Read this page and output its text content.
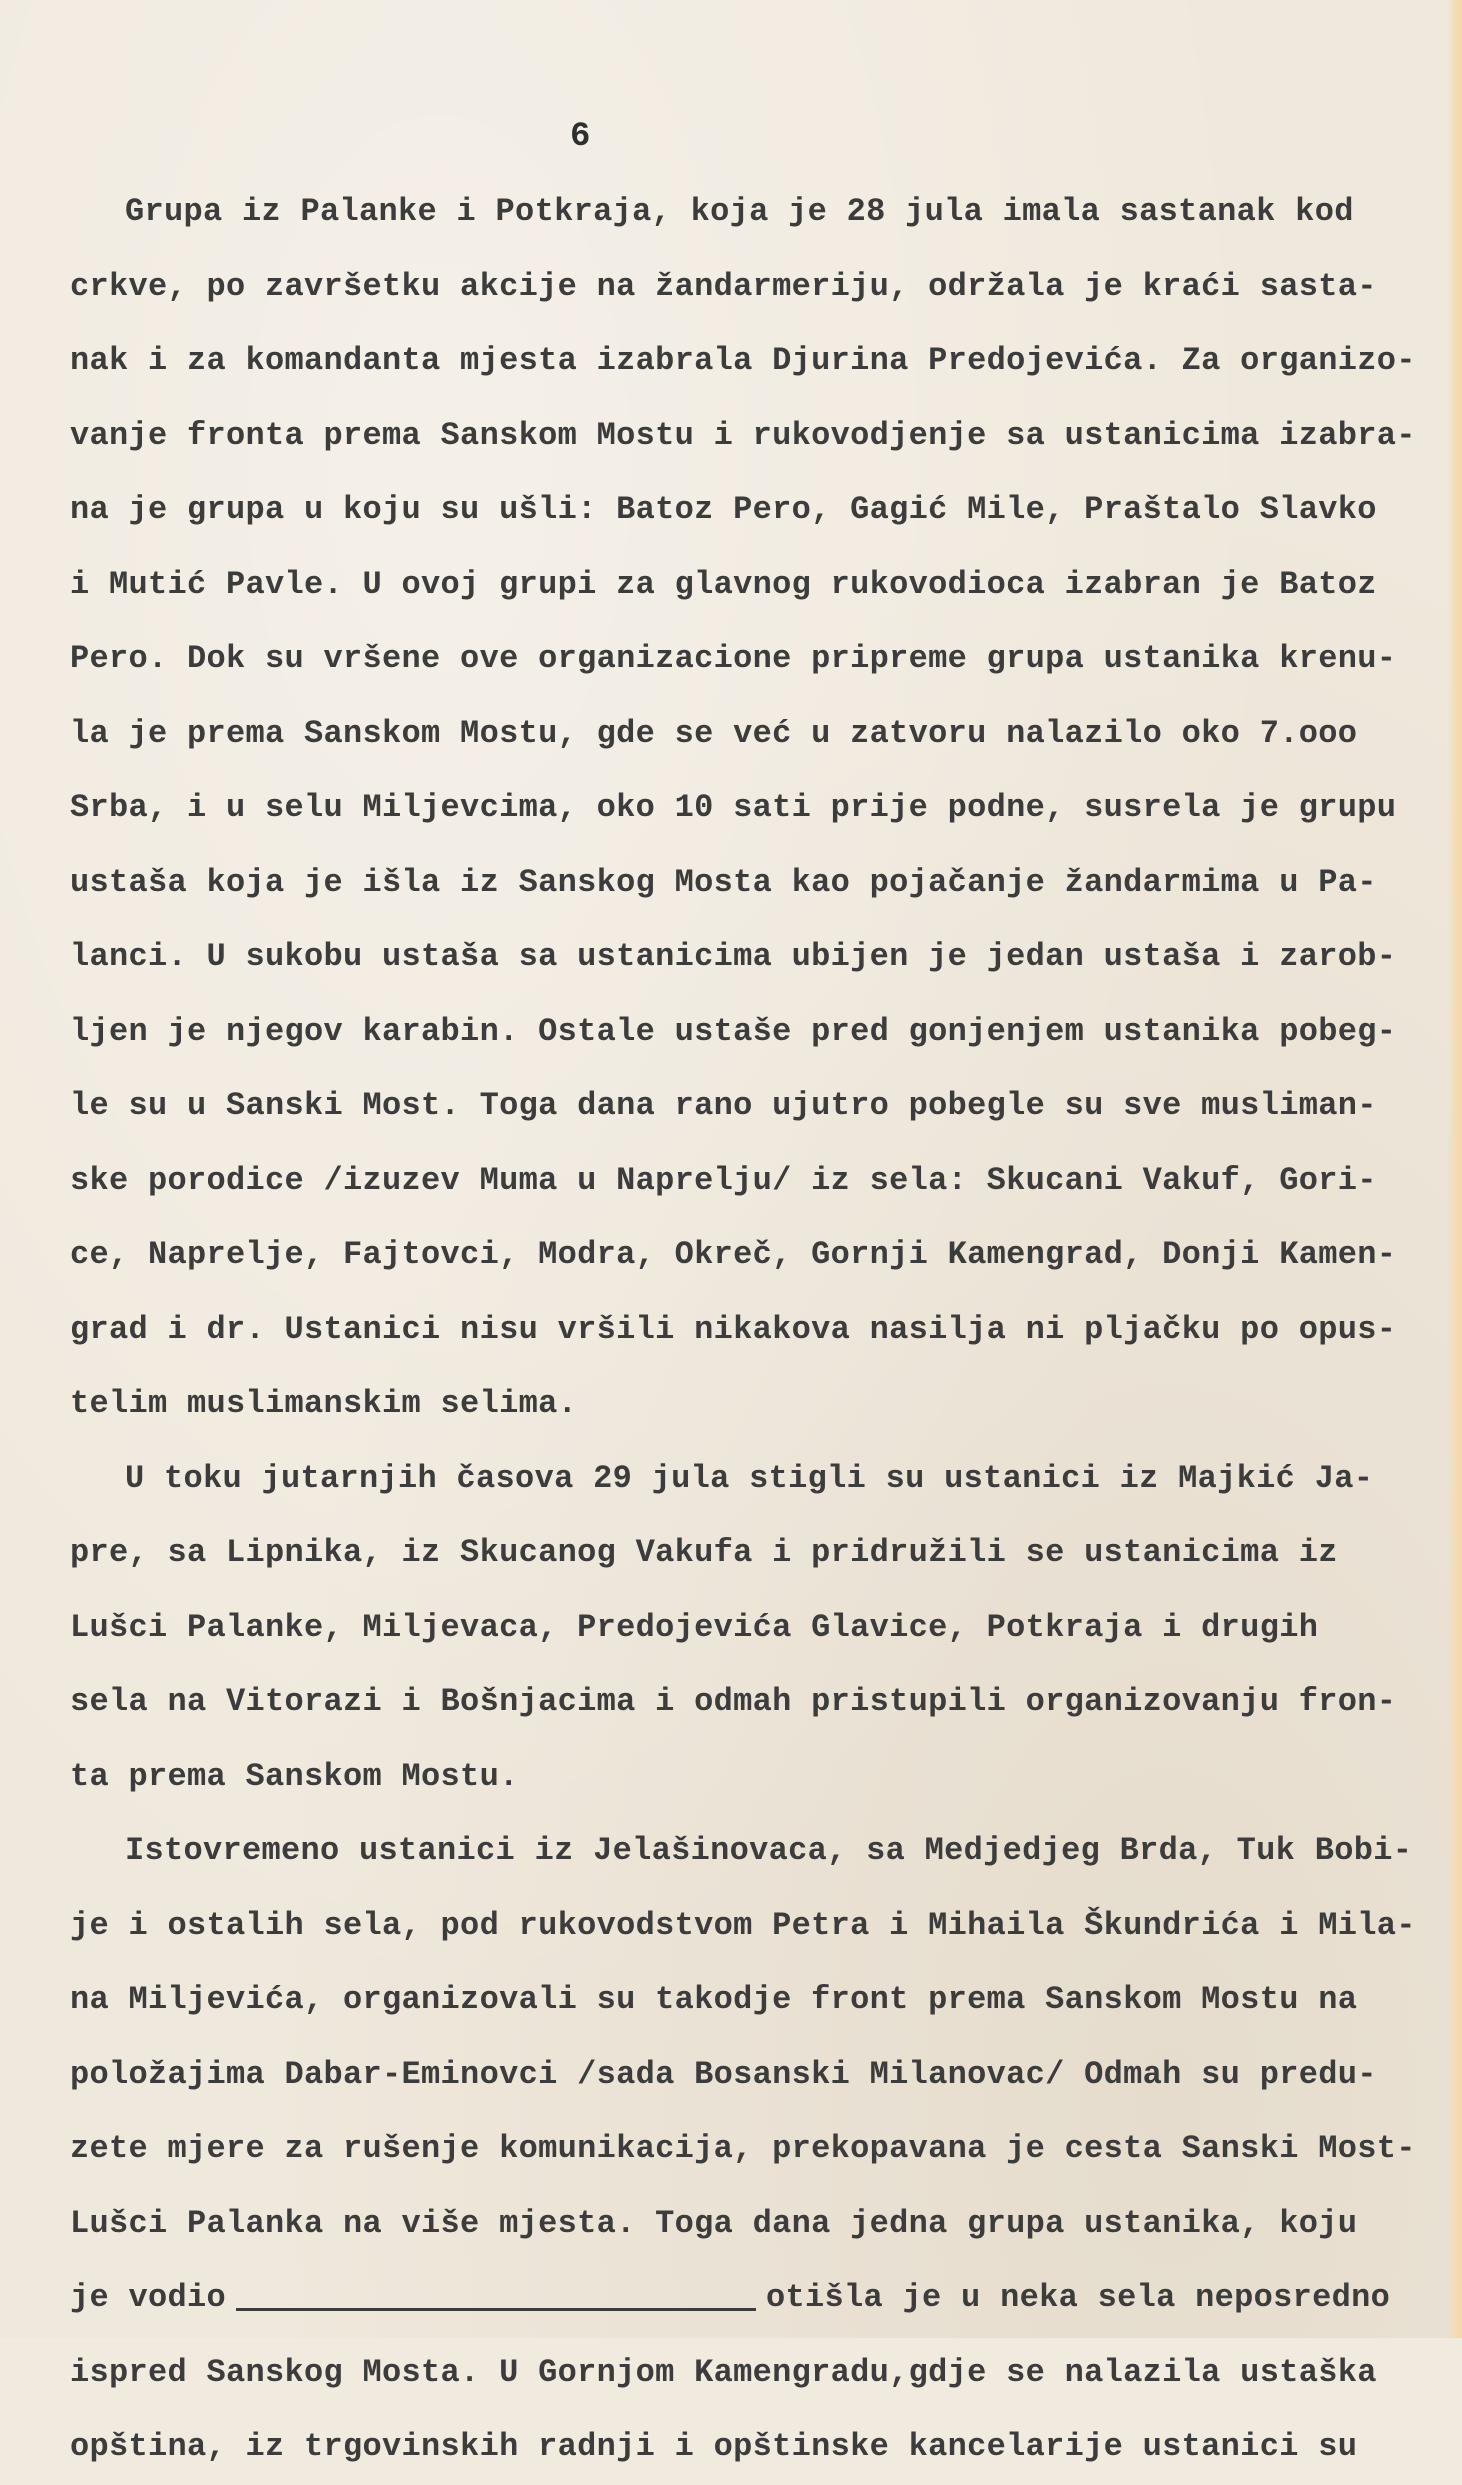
6
Grupa iz Palanke i Potkraja, koja je 28 jula imala sastanak kod
crkve, po završetku akcije na žandarmeriju, održala je kraći sasta-
nak i za komandanta mjesta izabrala Djurina Predojevića. Za organizo-
vanje fronta prema Sanskom Mostu i rukovodjenje sa ustanicima izabra-
na je grupa u koju su ušli: Batoz Pero, Gagić Mile, Praštalo Slavko
i Mutić Pavle. U ovoj grupi za glavnog rukovodioca izabran je Batoz
Pero. Dok su vršene ove organizacione pripreme grupa ustanika krenu-
la je prema Sanskom Mostu, gde se već u zatvoru nalazilo oko 7.ooo
Srba, i u selu Miljevcima, oko 10 sati prije podne, susrela je grupu
ustaša koja je išla iz Sanskog Mosta kao pojačanje žandarmima u Pa-
lanci. U sukobu ustaša sa ustanicima ubijen je jedan ustaša i zarob-
ljen je njegov karabin. Ostale ustaše pred gonjenjem ustanika pobeg-
le su u Sanski Most. Toga dana rano ujutro pobegle su sve musliman-
ske porodice /izuzev Muma u Naprelju/ iz sela: Skucani Vakuf, Gori-
ce, Naprelje, Fajtovci, Modra, Okreč, Gornji Kamengrad, Donji Kamen-
grad i dr. Ustanici nisu vršili nikakova nasilja ni pljačku po opus-
telim muslimanskim selima.
U toku jutarnjih časova 29 jula stigli su ustanici iz Majkić Ja-
pre, sa Lipnika, iz Skucanog Vakufa i pridružili se ustanicima iz
Lušci Palanke, Miljevaca, Predojevića Glavice, Potkraja i drugih
sela na Vitorazi i Bošnjacima i odmah pristupili organizovanju fron-
ta prema Sanskom Mostu.
Istovremeno ustanici iz Jelašinovaca, sa Medjedjeg Brda, Tuk Bobi-
je i ostalih sela, pod rukovodstvom Petra i Mihaila Škundrića i Mila-
na Miljevića, organizovali su takodje front prema Sanskom Mostu na
položajima Dabar-Eminovci /sada Bosanski Milanovac/ Odmah su predu-
zete mjere za rušenje komunikacija, prekopavana je cesta Sanski Most-
Lušci Palanka na više mjesta. Toga dana jedna grupa ustanika, koju
je vodio	otišla je u neka sela neposredno
ispred Sanskog Mosta. U Gornjom Kamengradu,gdje se nalazila ustaška
opština, iz trgovinskih radnji i opštinske kancelarije ustanici su
